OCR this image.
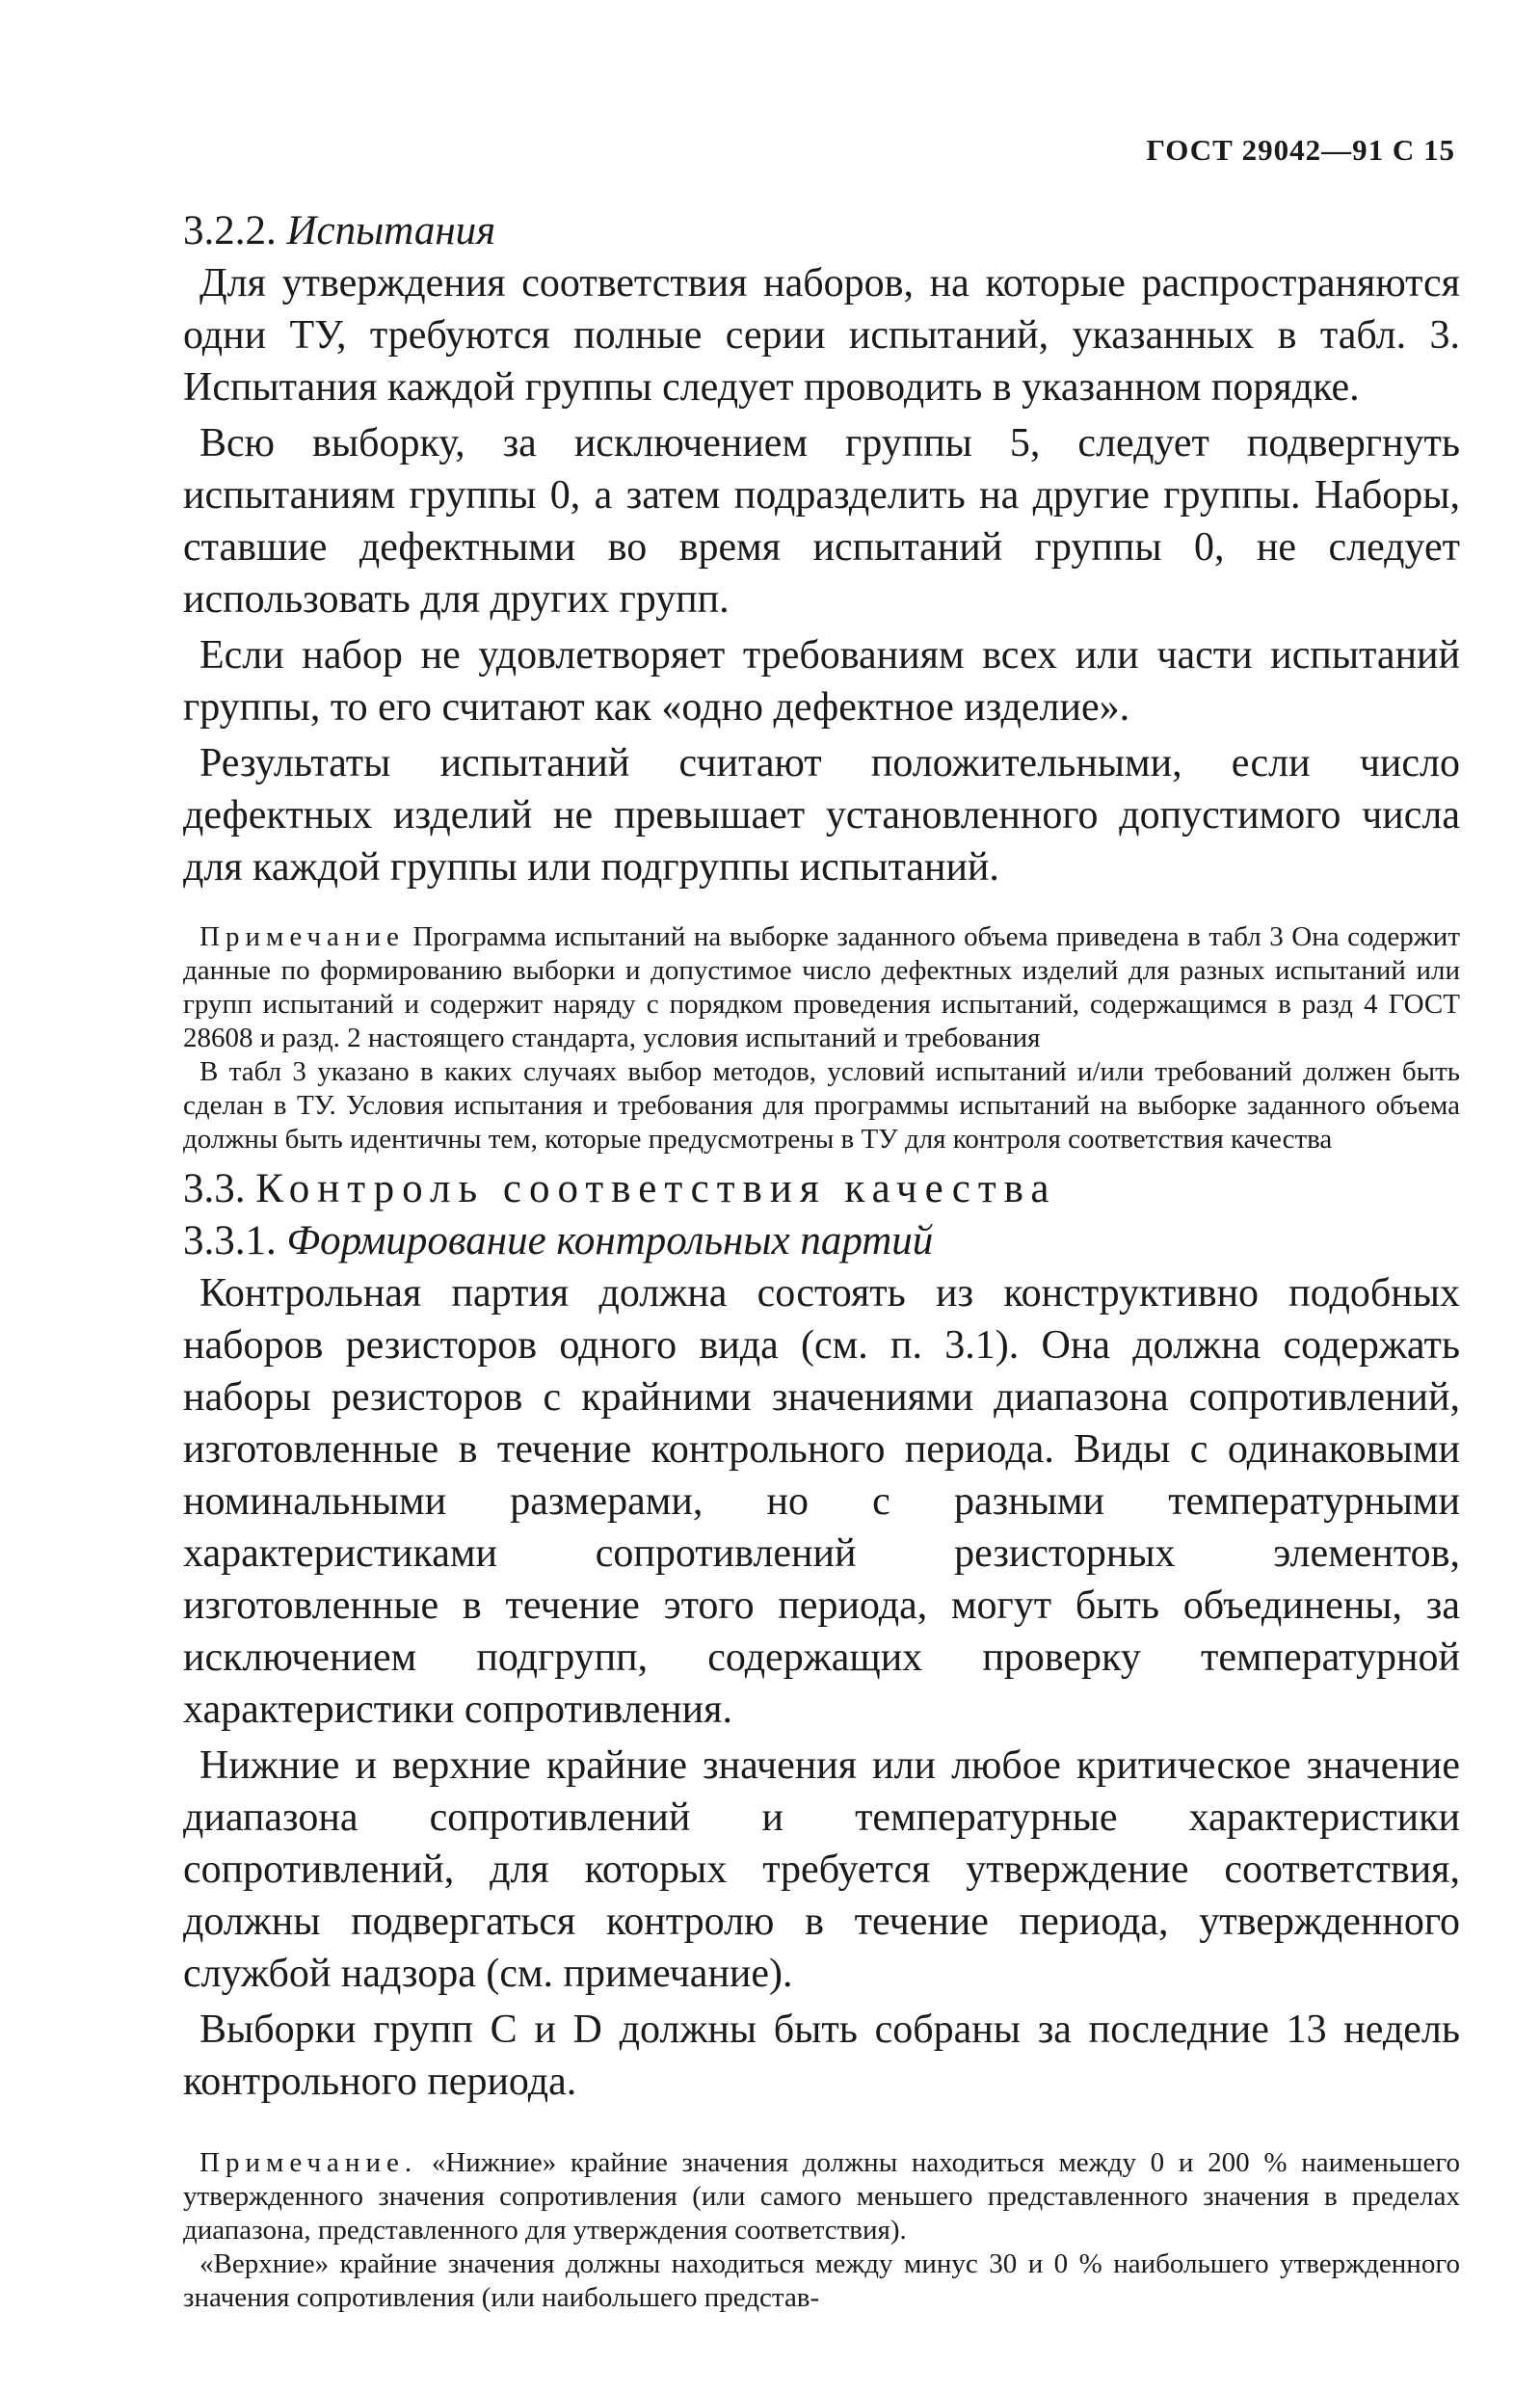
ГОСТ 29042—91 С 15

3.2.2. Испытания

Для утверждения соответствия наборов, на которые распространяются одни ТУ, требуются полные серии испытаний, указанных в табл. 3. Испытания каждой группы следует проводить в указанном порядке.

Всю выборку, за исключением группы 5, следует подвергнуть испытаниям группы 0, а затем подразделить на другие группы. Наборы, ставшие дефектными во время испытаний группы 0, не следует использовать для других групп.

Если набор не удовлетворяет требованиям всех или части испытаний группы, то его считают как «одно дефектное изделие».

Результаты испытаний считают положительными, если число дефектных изделий не превышает установленного допустимого числа для каждой группы или подгруппы испытаний.

Примечание Программа испытаний на выборке заданного объема приведена в табл 3 Она содержит данные по формированию выборки и допустимое число дефектных изделий для разных испытаний или групп испытаний и содержит наряду с порядком проведения испытаний, содержащимся в разд 4 ГОСТ 28608 и разд. 2 настоящего стандарта, условия испытаний и требования

В табл 3 указано в каких случаях выбор методов, условий испытаний и/или требований должен быть сделан в ТУ. Условия испытания и требования для программы испытаний на выборке заданного объема должны быть идентичны тем, которые предусмотрены в ТУ для контроля соответствия качества

3.3. Контроль соответствия качества

3.3.1. Формирование контрольных партий

Контрольная партия должна состоять из конструктивно подобных наборов резисторов одного вида (см. п. 3.1). Она должна содержать наборы резисторов с крайними значениями диапазона сопротивлений, изготовленные в течение контрольного периода. Виды с одинаковыми номинальными размерами, но с разными температурными характеристиками сопротивлений резисторных элементов, изготовленные в течение этого периода, могут быть объединены, за исключением подгрупп, содержащих проверку температурной характеристики сопротивления.

Нижние и верхние крайние значения или любое критическое значение диапазона сопротивлений и температурные характеристики сопротивлений, для которых требуется утверждение соответствия, должны подвергаться контролю в течение периода, утвержденного службой надзора (см. примечание).

Выборки групп С и D должны быть собраны за последние 13 недель контрольного периода.

Примечание. «Нижние» крайние значения должны находиться между 0 и 200 % наименьшего утвержденного значения сопротивления (или самого меньшего представленного значения в пределах диапазона, представленного для утверждения соответствия).

«Верхние» крайние значения должны находиться между минус 30 и 0 % наибольшего утвержденного значения сопротивления (или наибольшего представ-
